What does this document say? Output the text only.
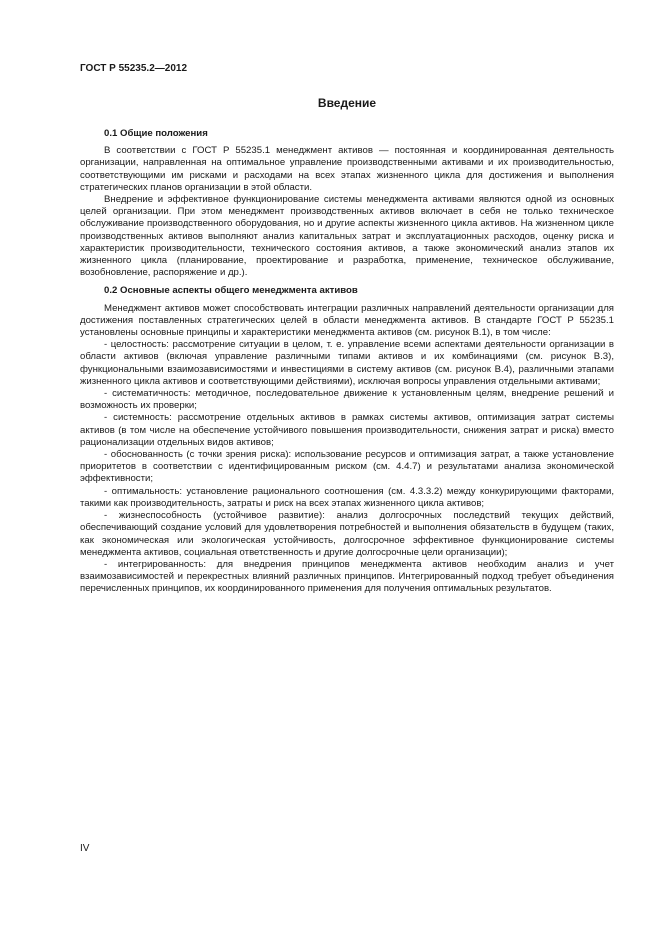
ГОСТ Р 55235.2—2012
Введение
0.1 Общие положения

В соответствии с ГОСТ Р 55235.1 менеджмент активов — постоянная и координированная деятельность организации, направленная на оптимальное управление производственными активами и их производительностью, соответствующими им рисками и расходами на всех этапах жизненного цикла для достижения и выполнения стратегических планов организации в этой области.

Внедрение и эффективное функционирование системы менеджмента активами являются одной из основных целей организации. При этом менеджмент производственных активов включает в себя не только техническое обслуживание производственного оборудования, но и другие аспекты жизненного цикла активов. На жизненном цикле производственных активов выполняют анализ капитальных затрат и эксплуатационных расходов, оценку риска и характеристик производительности, технического состояния активов, а также экономический анализ этапов их жизненного цикла (планирование, проектирование и разработка, применение, техническое обслуживание, возобновление, распоряжение и др.).

0.2 Основные аспекты общего менеджмента активов

Менеджмент активов может способствовать интеграции различных направлений деятельности организации для достижения поставленных стратегических целей в области менеджмента активов. В стандарте ГОСТ Р 55235.1 установлены основные принципы и характеристики менеджмента активов (см. рисунок В.1), в том числе:

- целостность: рассмотрение ситуации в целом, т. е. управление всеми аспектами деятельности организации в области активов (включая управление различными типами активов и их комбинациями (см. рисунок В.3), функциональными взаимозависимостями и инвестициями в систему активов (см. рисунок В.4), различными этапами жизненного цикла активов и соответствующими действиями), исключая вопросы управления отдельными активами;

- систематичность: методичное, последовательное движение к установленным целям, внедрение решений и возможность их проверки;

- системность: рассмотрение отдельных активов в рамках системы активов, оптимизация затрат системы активов (в том числе на обеспечение устойчивого повышения производительности, снижения затрат и риска) вместо рационализации отдельных видов активов;

- обоснованность (с точки зрения риска): использование ресурсов и оптимизация затрат, а также установление приоритетов в соответствии с идентифицированным риском (см. 4.4.7) и результатами анализа экономической эффективности;

- оптимальность: установление рационального соотношения (см. 4.3.3.2) между конкурирующими факторами, такими как производительность, затраты и риск на всех этапах жизненного цикла активов;

- жизнеспособность (устойчивое развитие): анализ долгосрочных последствий текущих действий, обеспечивающий создание условий для удовлетворения потребностей и выполнения обязательств в будущем (таких, как экономическая или экологическая устойчивость, долгосрочное эффективное функционирование системы менеджмента активов, социальная ответственность и другие долгосрочные цели организации);

- интегрированность: для внедрения принципов менеджмента активов необходим анализ и учет взаимозависимостей и перекрестных влияний различных принципов. Интегрированный подход требует объединения перечисленных принципов, их координированного применения для получения оптимальных результатов.

IV
